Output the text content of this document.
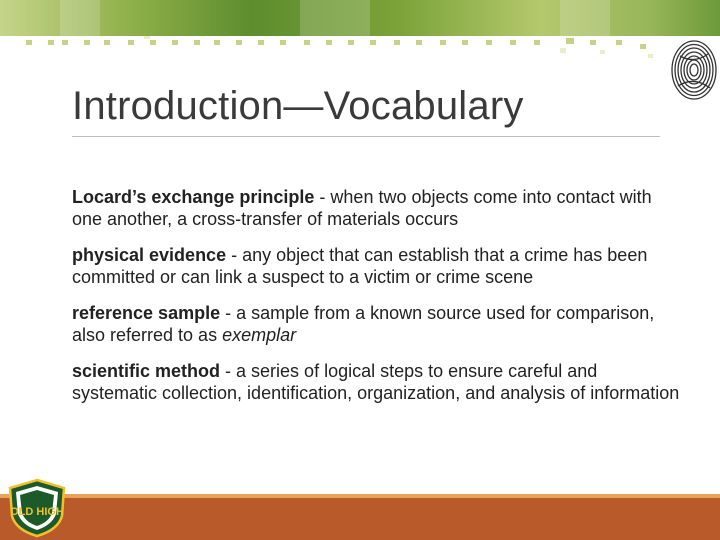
Introduction—Vocabulary

Locard’s exchange principle - when two objects come into contact with one another, a cross-transfer of materials occurs

physical evidence - any object that can establish that a crime has been committed or can link a suspect to a victim or crime scene

reference sample - a sample from a known source used for comparison, also referred to as exemplar

scientific method - a series of logical steps to ensure careful and systematic collection, identification, organization, and analysis of information

OLD HIGH
